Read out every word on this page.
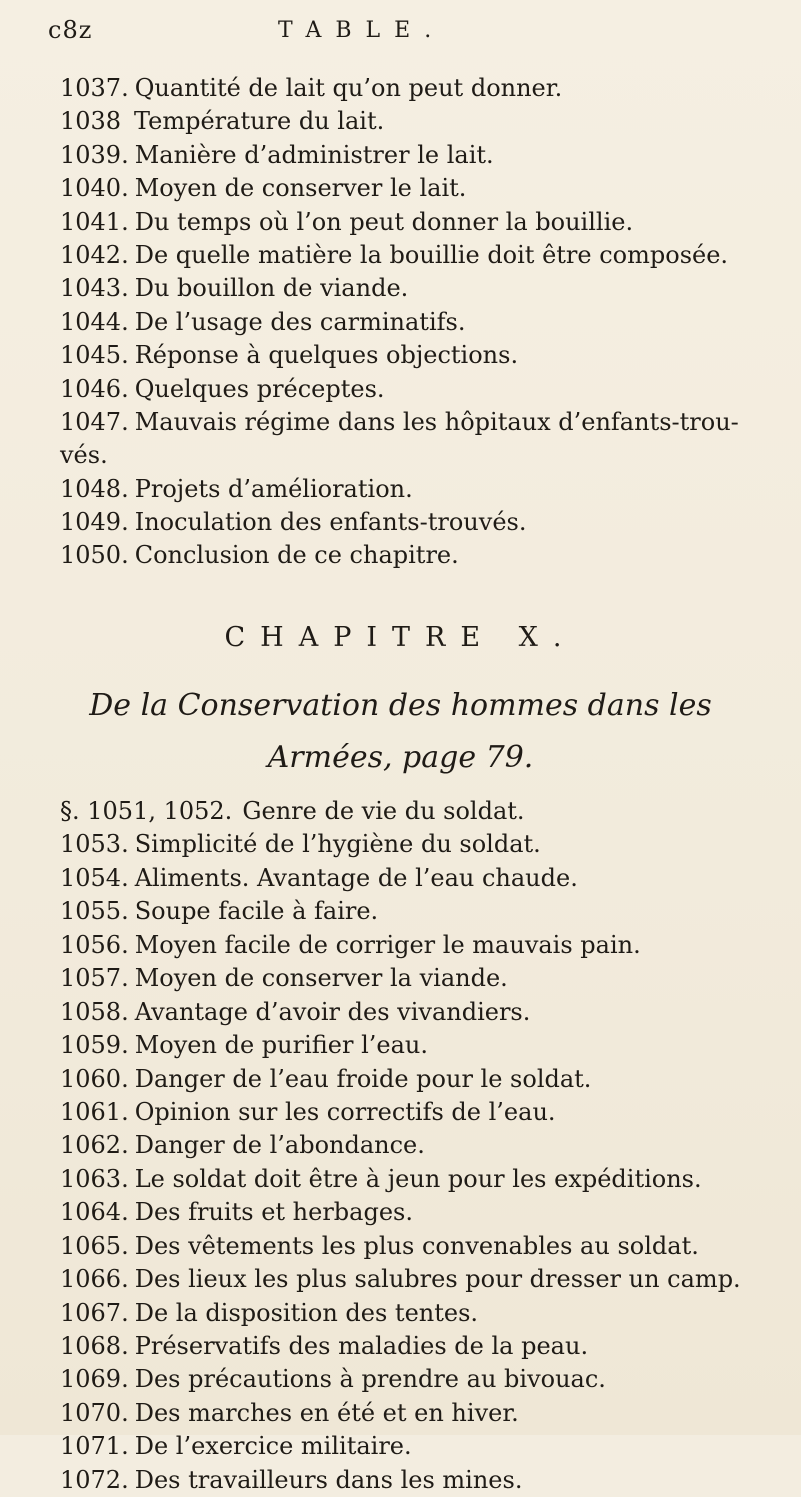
c8z	TABLE.
1037. Quantité de lait qu’on peut donner.
1038 Température du lait.
1039. Manière d’administrer le lait.
1040. Moyen de conserver le lait.
1041. Du temps où l’on peut donner la bouillie.
1042. De quelle matière la bouillie doit être composée.
1043. Du bouillon de viande.
1044. De l’usage des carminatifs.
1045. Réponse à quelques objections.
1046. Quelques préceptes.
1047. Mauvais régime dans les hôpitaux d’enfants-trou-
vés.
1048. Projets d’amélioration.
1049. Inoculation des enfants-trouvés.
1050. Conclusion de ce chapitre.
CHAPITRE X.
De la Conservation des hommes dans les
Armées, page 79.
§. 1051, 1052. Genre de vie du soldat.
1053. Simplicité de l’hygiène du soldat.
1054. Aliments. Avantage de l’eau chaude.
1055. Soupe facile à faire.
1056. Moyen facile de corriger le mauvais pain.
1057. Moyen de conserver la viande.
1058. Avantage d’avoir des vivandiers.
1059. Moyen de purifier l’eau.
1060. Danger de l’eau froide pour le soldat.
1061. Opinion sur les correctifs de l’eau.
1062. Danger de l’abondance.
1063. Le soldat doit être à jeun pour les expéditions.
1064. Des fruits et herbages.
1065. Des vêtements les plus convenables au soldat.
1066. Des lieux les plus salubres pour dresser un camp.
1067. De la disposition des tentes.
1068. Préservatifs des maladies de la peau.
1069. Des précautions à prendre au bivouac.
1070. Des marches en été et en hiver.
1071. De l’exercice militaire.
1072. Des travailleurs dans les mines.
